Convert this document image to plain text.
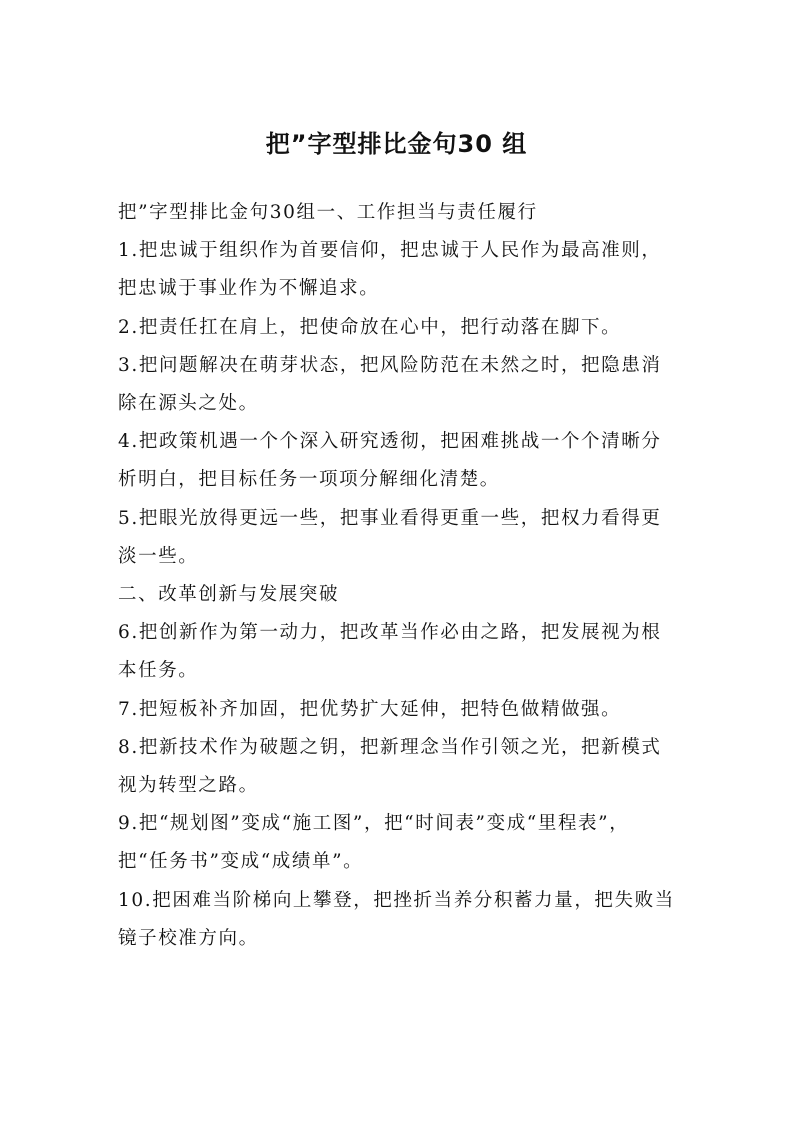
把”字型排比金句30 组

把”字型排比金句30组一、工作担当与责任履行

1.把忠诚于组织作为首要信仰，把忠诚于人民作为最高准则，把忠诚于事业作为不懈追求。

2.把责任扛在肩上，把使命放在心中，把行动落在脚下。

3.把问题解决在萌芽状态，把风险防范在未然之时，把隐患消除在源头之处。

4.把政策机遇一个个深入研究透彻，把困难挑战一个个清晰分析明白，把目标任务一项项分解细化清楚。

5.把眼光放得更远一些，把事业看得更重一些，把权力看得更淡一些。

二、改革创新与发展突破

6.把创新作为第一动力，把改革当作必由之路，把发展视为根本任务。

7.把短板补齐加固，把优势扩大延伸，把特色做精做强。

8.把新技术作为破题之钥，把新理念当作引领之光，把新模式视为转型之路。

9.把“规划图”变成“施工图”，把“时间表”变成“里程表”，把“任务书”变成“成绩单”。

10.把困难当阶梯向上攀登，把挫折当养分积蓄力量，把失败当镜子校准方向。
